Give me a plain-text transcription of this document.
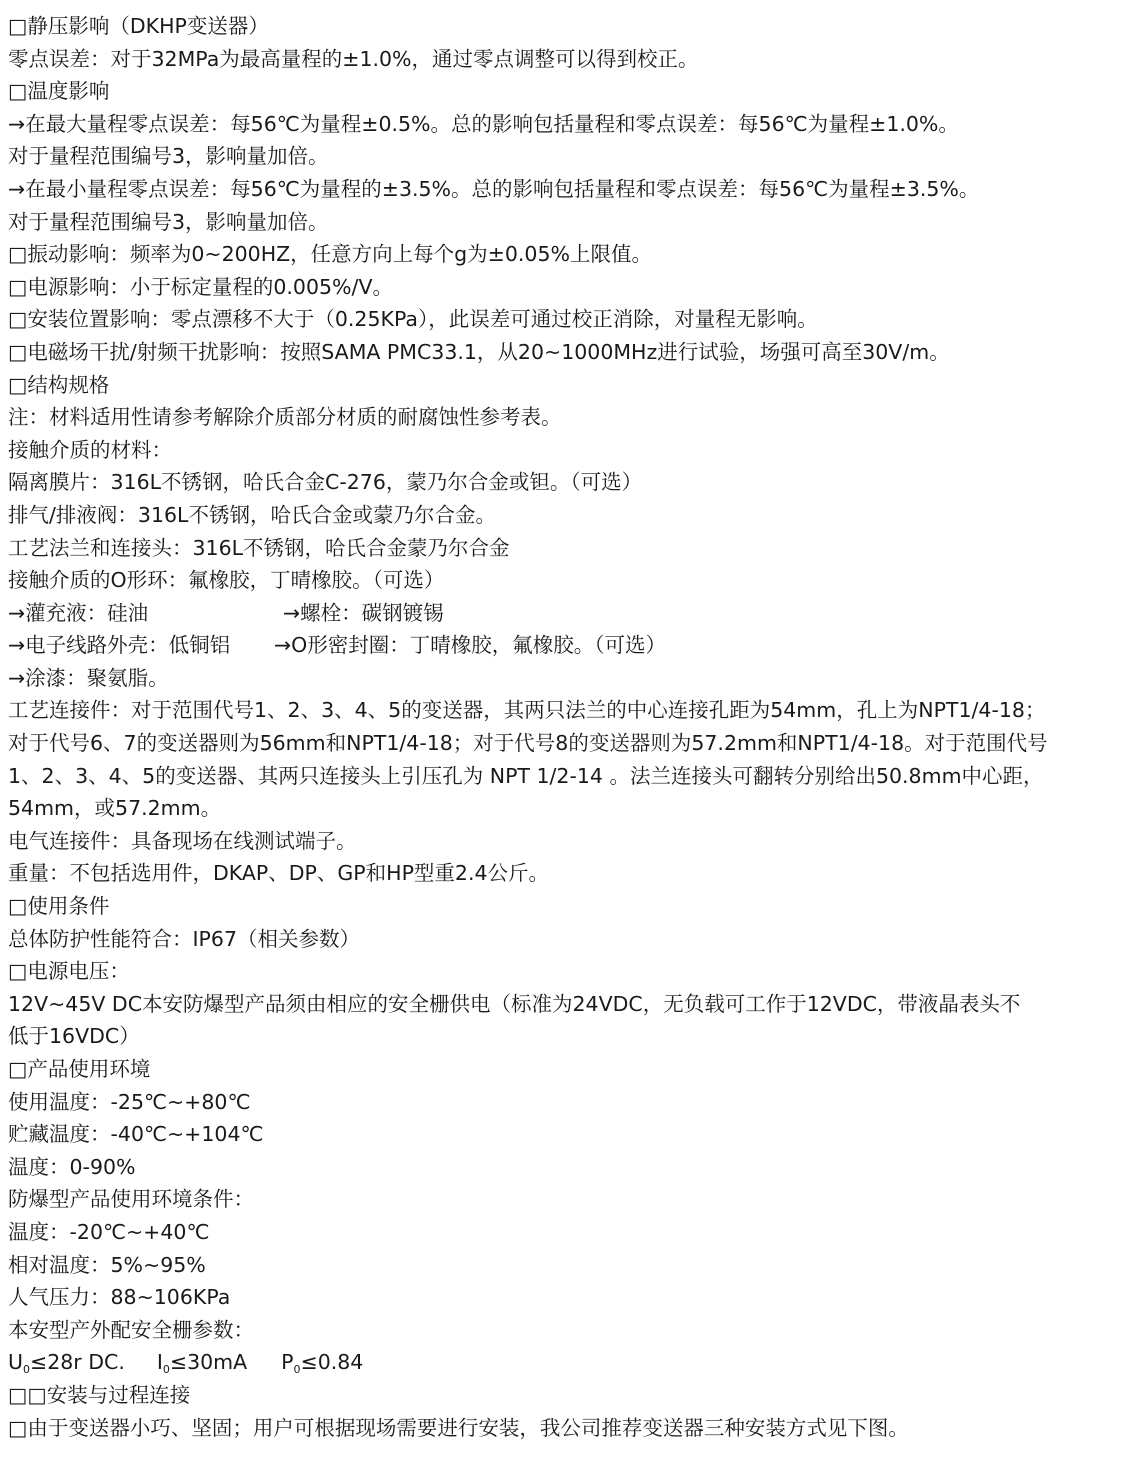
□静压影响（DKHP变送器）
零点误差：对于32MPa为最高量程的±1.0%，通过零点调整可以得到校正。
□温度影响
→在最大量程零点误差：每56℃为量程±0.5%。总的影响包括量程和零点误差：每56℃为量程±1.0%。
对于量程范围编号3，影响量加倍。
→在最小量程零点误差：每56℃为量程的±3.5%。总的影响包括量程和零点误差：每56℃为量程±3.5%。
对于量程范围编号3，影响量加倍。
□振动影响：频率为0~200HZ，任意方向上每个g为±0.05%上限值。
□电源影响：小于标定量程的0.005%/V。
□安装位置影响：零点漂移不大于（0.25KPa），此误差可通过校正消除，对量程无影响。
□电磁场干扰/射频干扰影响：按照SAMA PMC33.1，从20~1000MHz进行试验，场强可高至30V/m。
□结构规格
注：材料适用性请参考解除介质部分材质的耐腐蚀性参考表。
接触介质的材料：
隔离膜片：316L不锈钢，哈氏合金C-276，蒙乃尔合金或钽。（可选）
排气/排液阀：316L不锈钢，哈氏合金或蒙乃尔合金。
工艺法兰和连接头：316L不锈钢，哈氏合金蒙乃尔合金
接触介质的O形环：氟橡胶，丁晴橡胶。（可选）
→灌充液：硅油	→螺栓：碳钢镀锡
→电子线路外壳：低铜铝	→O形密封圈：丁晴橡胶，氟橡胶。（可选）
→涂漆：聚氨脂。
工艺连接件：对于范围代号1、2、3、4、5的变送器，其两只法兰的中心连接孔距为54mm，孔上为NPT1/4-18；
对于代号6、7的变送器则为56mm和NPT1/4-18；对于代号8的变送器则为57.2mm和NPT1/4-18。对于范围代号
1、2、3、4、5的变送器、其两只连接头上引压孔为 NPT 1/2-14 。法兰连接头可翻转分别给出50.8mm中心距，
54mm，或57.2mm。
电气连接件：具备现场在线测试端子。
重量：不包括选用件，DKAP、DP、GP和HP型重2.4公斤。
□使用条件
总体防护性能符合：IP67（相关参数）
□电源电压：
12V~45V DC本安防爆型产品须由相应的安全栅供电（标准为24VDC，无负载可工作于12VDC，带液晶表头不
低于16VDC）
□产品使用环境
使用温度：-25℃~+80℃
贮藏温度：-40℃~+104℃
温度：0-90%
防爆型产品使用环境条件：
温度：-20℃~+40℃
相对温度：5%~95%
人气压力：88~106KPa
本安型产外配安全栅参数：
$U_0\le 28r$ DC. $I_0\le 30mA$ $P_0\le 0.84$
□□安装与过程连接
□由于变送器小巧、坚固；用户可根据现场需要进行安装，我公司推荐变送器三种安装方式见下图。
